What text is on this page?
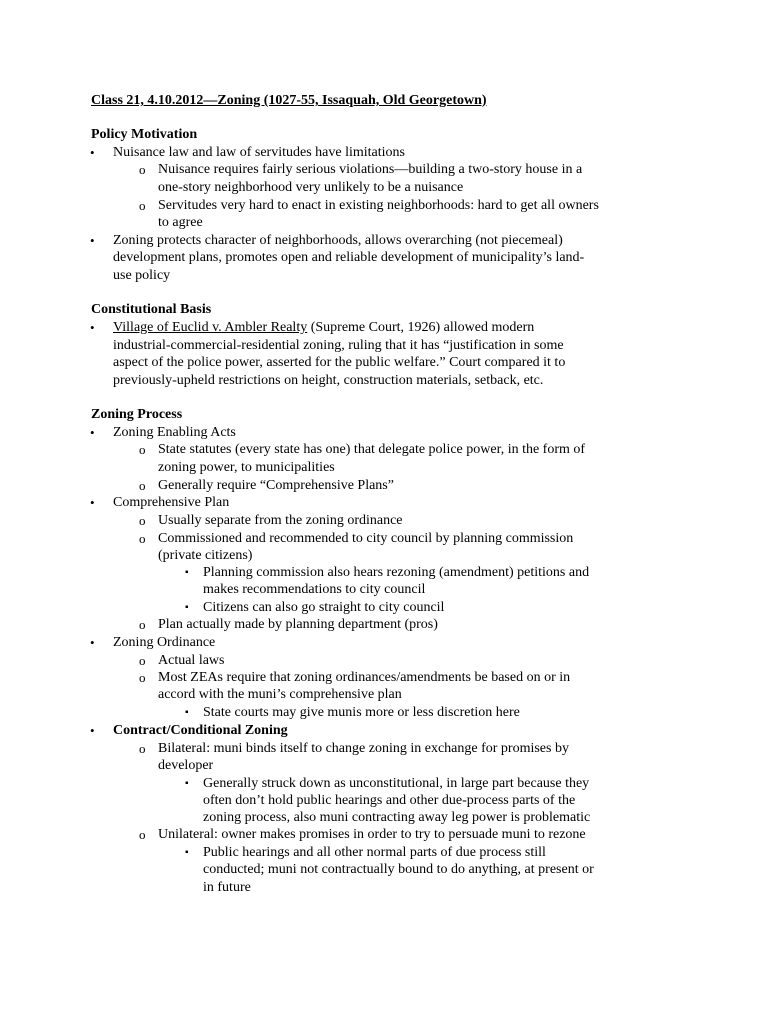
Class 21, 4.10.2012—Zoning (1027-55, Issaquah, Old Georgetown)
Policy Motivation
• Nuisance law and law of servitudes have limitations
o Nuisance requires fairly serious violations—building a two-story house in a
one-story neighborhood very unlikely to be a nuisance
o Servitudes very hard to enact in existing neighborhoods: hard to get all owners
to agree
• Zoning protects character of neighborhoods, allows overarching (not piecemeal)
development plans, promotes open and reliable development of municipality’s land-
use policy
Constitutional Basis
• Village of Euclid v. Ambler Realty (Supreme Court, 1926) allowed modern
industrial-commercial-residential zoning, ruling that it has “justification in some
aspect of the police power, asserted for the public welfare.” Court compared it to
previously-upheld restrictions on height, construction materials, setback, etc.
Zoning Process
• Zoning Enabling Acts
o State statutes (every state has one) that delegate police power, in the form of
zoning power, to municipalities
o Generally require “Comprehensive Plans”
• Comprehensive Plan
o Usually separate from the zoning ordinance
o Commissioned and recommended to city council by planning commission
(private citizens)
▪ Planning commission also hears rezoning (amendment) petitions and
makes recommendations to city council
▪ Citizens can also go straight to city council
o Plan actually made by planning department (pros)
• Zoning Ordinance
o Actual laws
o Most ZEAs require that zoning ordinances/amendments be based on or in
accord with the muni’s comprehensive plan
▪ State courts may give munis more or less discretion here
• Contract/Conditional Zoning
o Bilateral: muni binds itself to change zoning in exchange for promises by
developer
▪ Generally struck down as unconstitutional, in large part because they
often don’t hold public hearings and other due-process parts of the
zoning process, also muni contracting away leg power is problematic
o Unilateral: owner makes promises in order to try to persuade muni to rezone
▪ Public hearings and all other normal parts of due process still
conducted; muni not contractually bound to do anything, at present or
in future
